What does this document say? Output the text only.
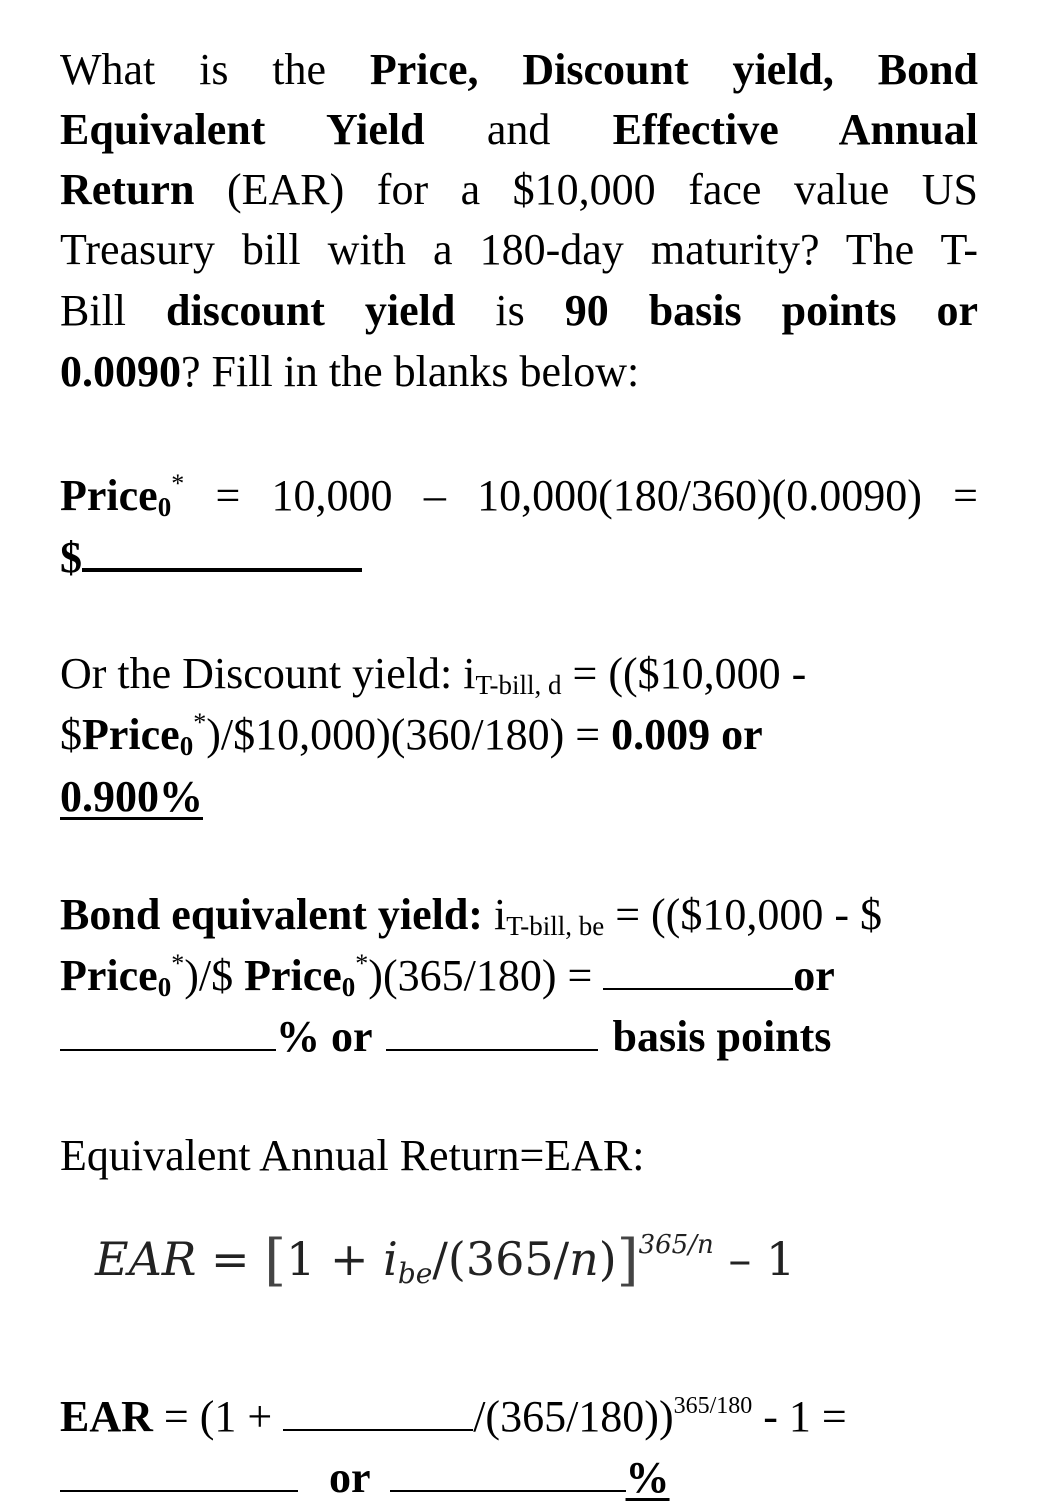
What is the Price, Discount yield, Bond
Equivalent Yield and Effective Annual
Return (EAR) for a $10,000 face value US
Treasury bill with a 180-day maturity? The T-
Bill discount yield is 90 basis points or
0.0090? Fill in the blanks below:
Price0* = 10,000 – 10,000(180/360)(0.0090) =
$
Or the Discount yield: iT-bill, d = (($10,000 -
$Price0*)/$10,000)(360/180) = 0.009 or
0.900%
Bond equivalent yield: iT-bill, be = (($10,000 - $
Price0*)/$ Price0*)(365/180) =	or
% or	basis points
Equivalent Annual Return=EAR:
EAR = [1 + ibe/$(365/n)]^{365/n} - 1$
EAR = (1 +	/(365/180))$^{365/180}$ - 1 =
or	%
